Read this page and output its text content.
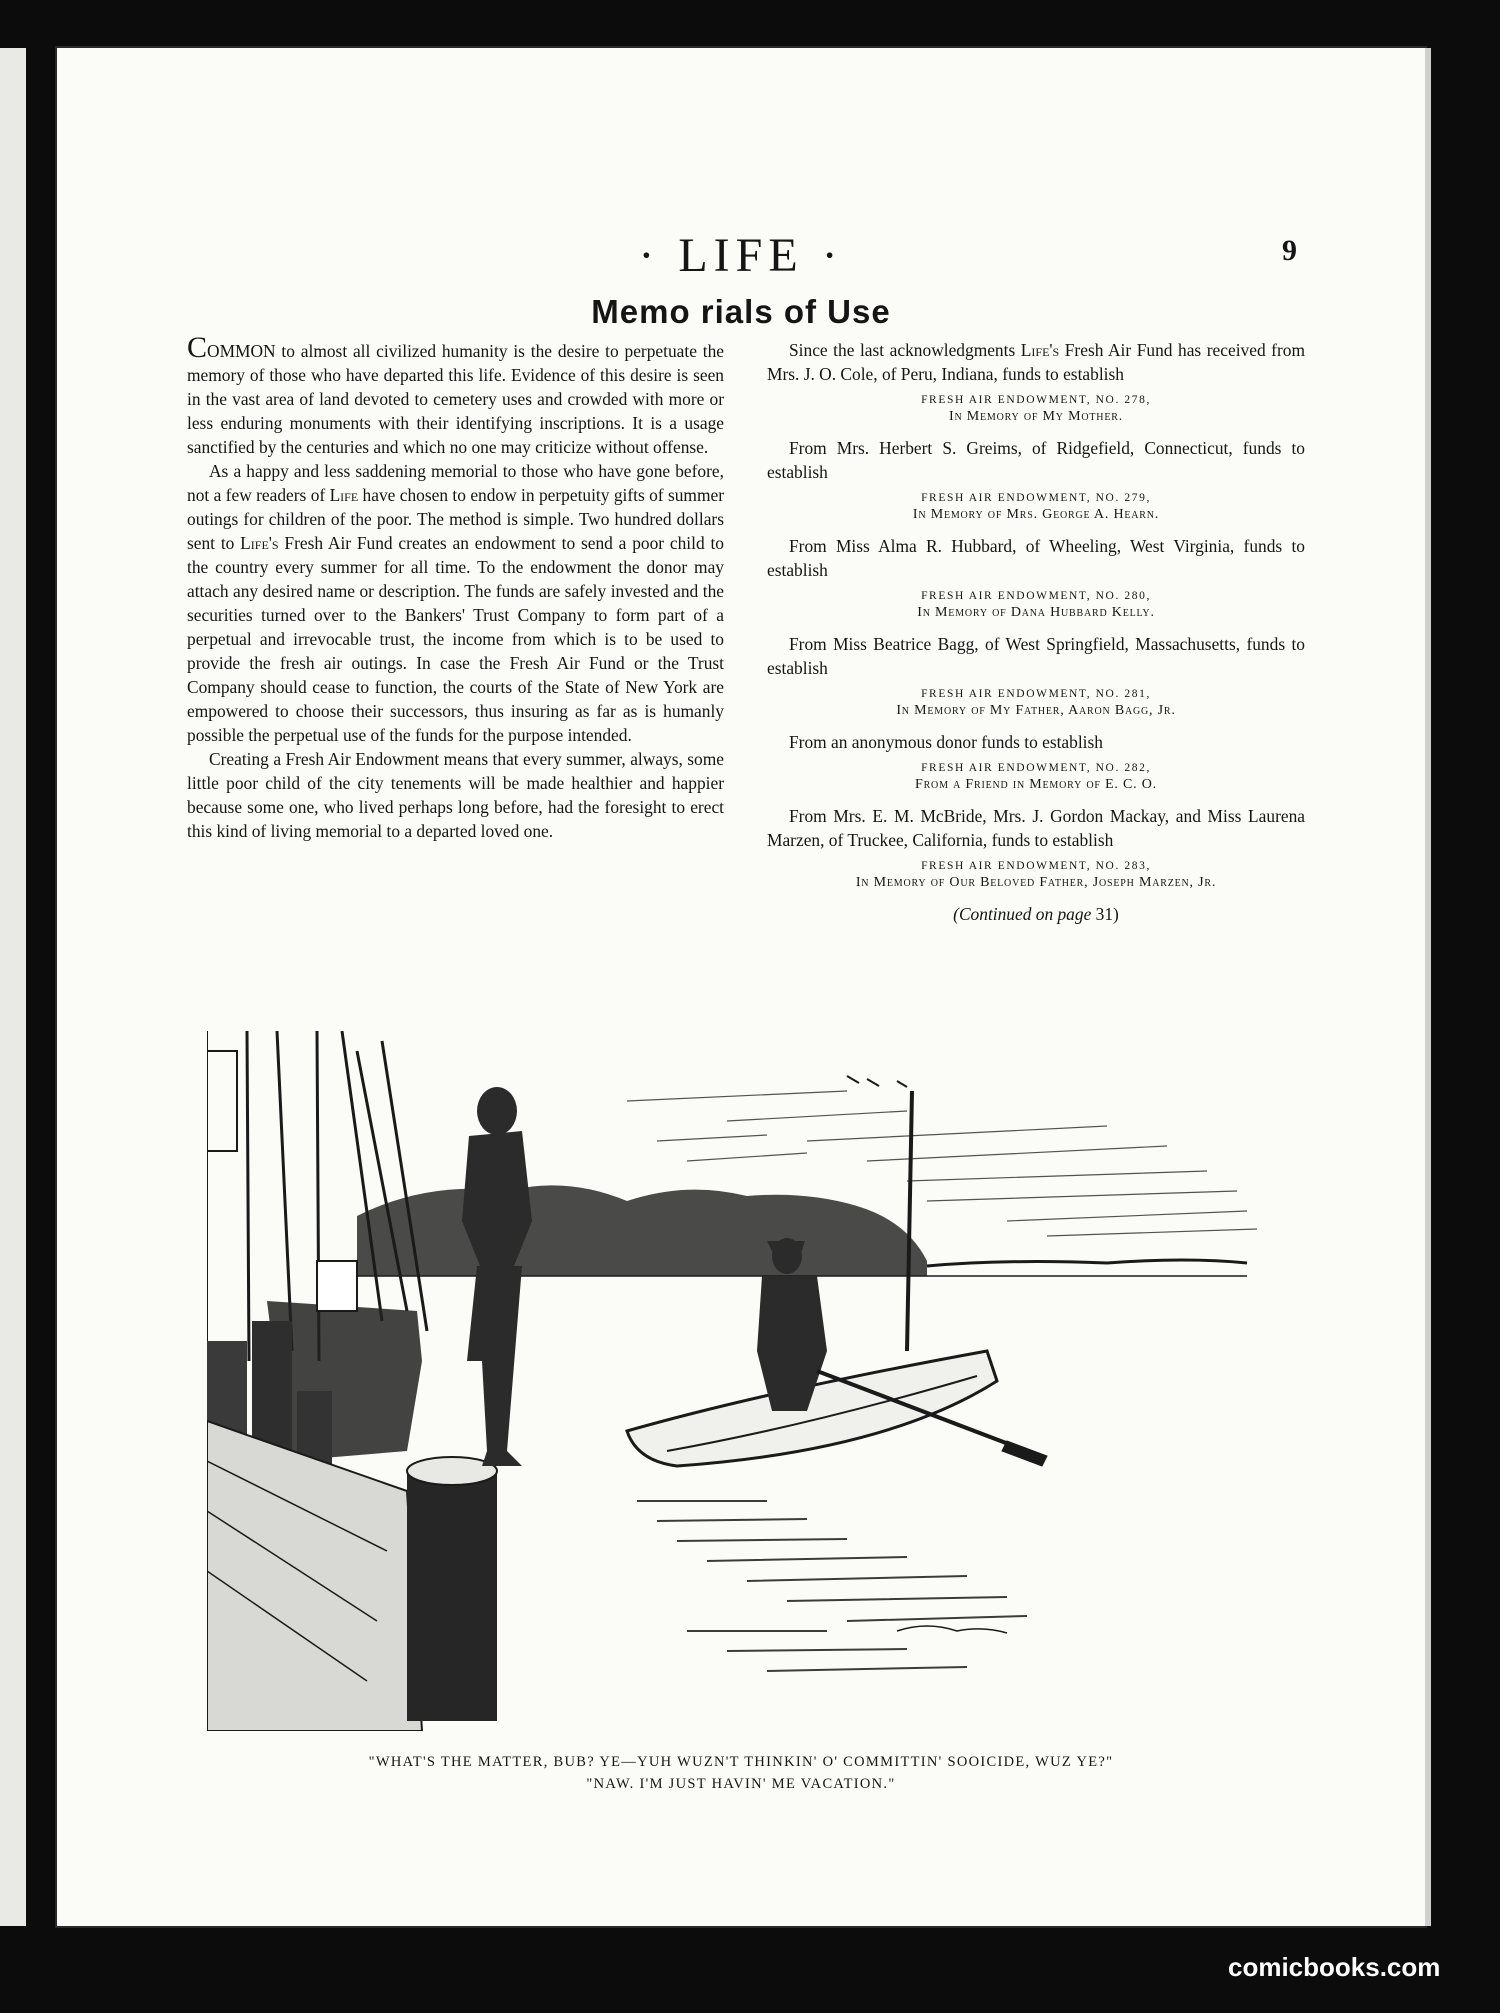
· LIFE ·	9
Memo rials of Use

COMMON to almost all civilized humanity is the desire to perpetuate the memory of those who have departed this life. Evidence of this desire is seen in the vast area of land devoted to cemetery uses and crowded with more or less enduring monuments with their identifying inscriptions. It is a usage sanctified by the centuries and which no one may criticize without offense.

As a happy and less saddening memorial to those who have gone before, not a few readers of Life have chosen to endow in perpetuity gifts of summer outings for children of the poor. The method is simple. Two hundred dollars sent to Life's Fresh Air Fund creates an endowment to send a poor child to the country every summer for all time. To the endowment the donor may attach any desired name or description. The funds are safely invested and the securities turned over to the Bankers' Trust Company to form part of a perpetual and irrevocable trust, the income from which is to be used to provide the fresh air outings. In case the Fresh Air Fund or the Trust Company should cease to function, the courts of the State of New York are empowered to choose their successors, thus insuring as far as is humanly possible the perpetual use of the funds for the purpose intended.

Creating a Fresh Air Endowment means that every summer, always, some little poor child of the city tenements will be made healthier and happier because some one, who lived perhaps long before, had the foresight to erect this kind of living memorial to a departed loved one.

Since the last acknowledgments Life's Fresh Air Fund has received from Mrs. J. O. Cole, of Peru, Indiana, funds to establish

FRESH AIR ENDOWMENT, NO. 278,
In Memory of My Mother.

From Mrs. Herbert S. Greims, of Ridgefield, Connecticut, funds to establish

FRESH AIR ENDOWMENT, NO. 279,
In Memory of Mrs. George A. Hearn.

From Miss Alma R. Hubbard, of Wheeling, West Virginia, funds to establish

FRESH AIR ENDOWMENT, NO. 280,
In Memory of Dana Hubbard Kelly.

From Miss Beatrice Bagg, of West Springfield, Massachusetts, funds to establish

FRESH AIR ENDOWMENT, NO. 281,
In Memory of My Father, Aaron Bagg, Jr.

From an anonymous donor funds to establish

FRESH AIR ENDOWMENT, NO. 282,
From a Friend in Memory of E. C. O.

From Mrs. E. M. McBride, Mrs. J. Gordon Mackay, and Miss Laurena Marzen, of Truckee, California, funds to establish

FRESH AIR ENDOWMENT, NO. 283,
In Memory of Our Beloved Father, Joseph Marzen, Jr.
(Continued on page 31)
"WHAT'S THE MATTER, BUB? YE—YUH WUZN'T THINKIN' O' COMMITTIN' SOOICIDE, WUZ YE?"
"NAW. I'M JUST HAVIN' ME VACATION."
comicbooks.com
